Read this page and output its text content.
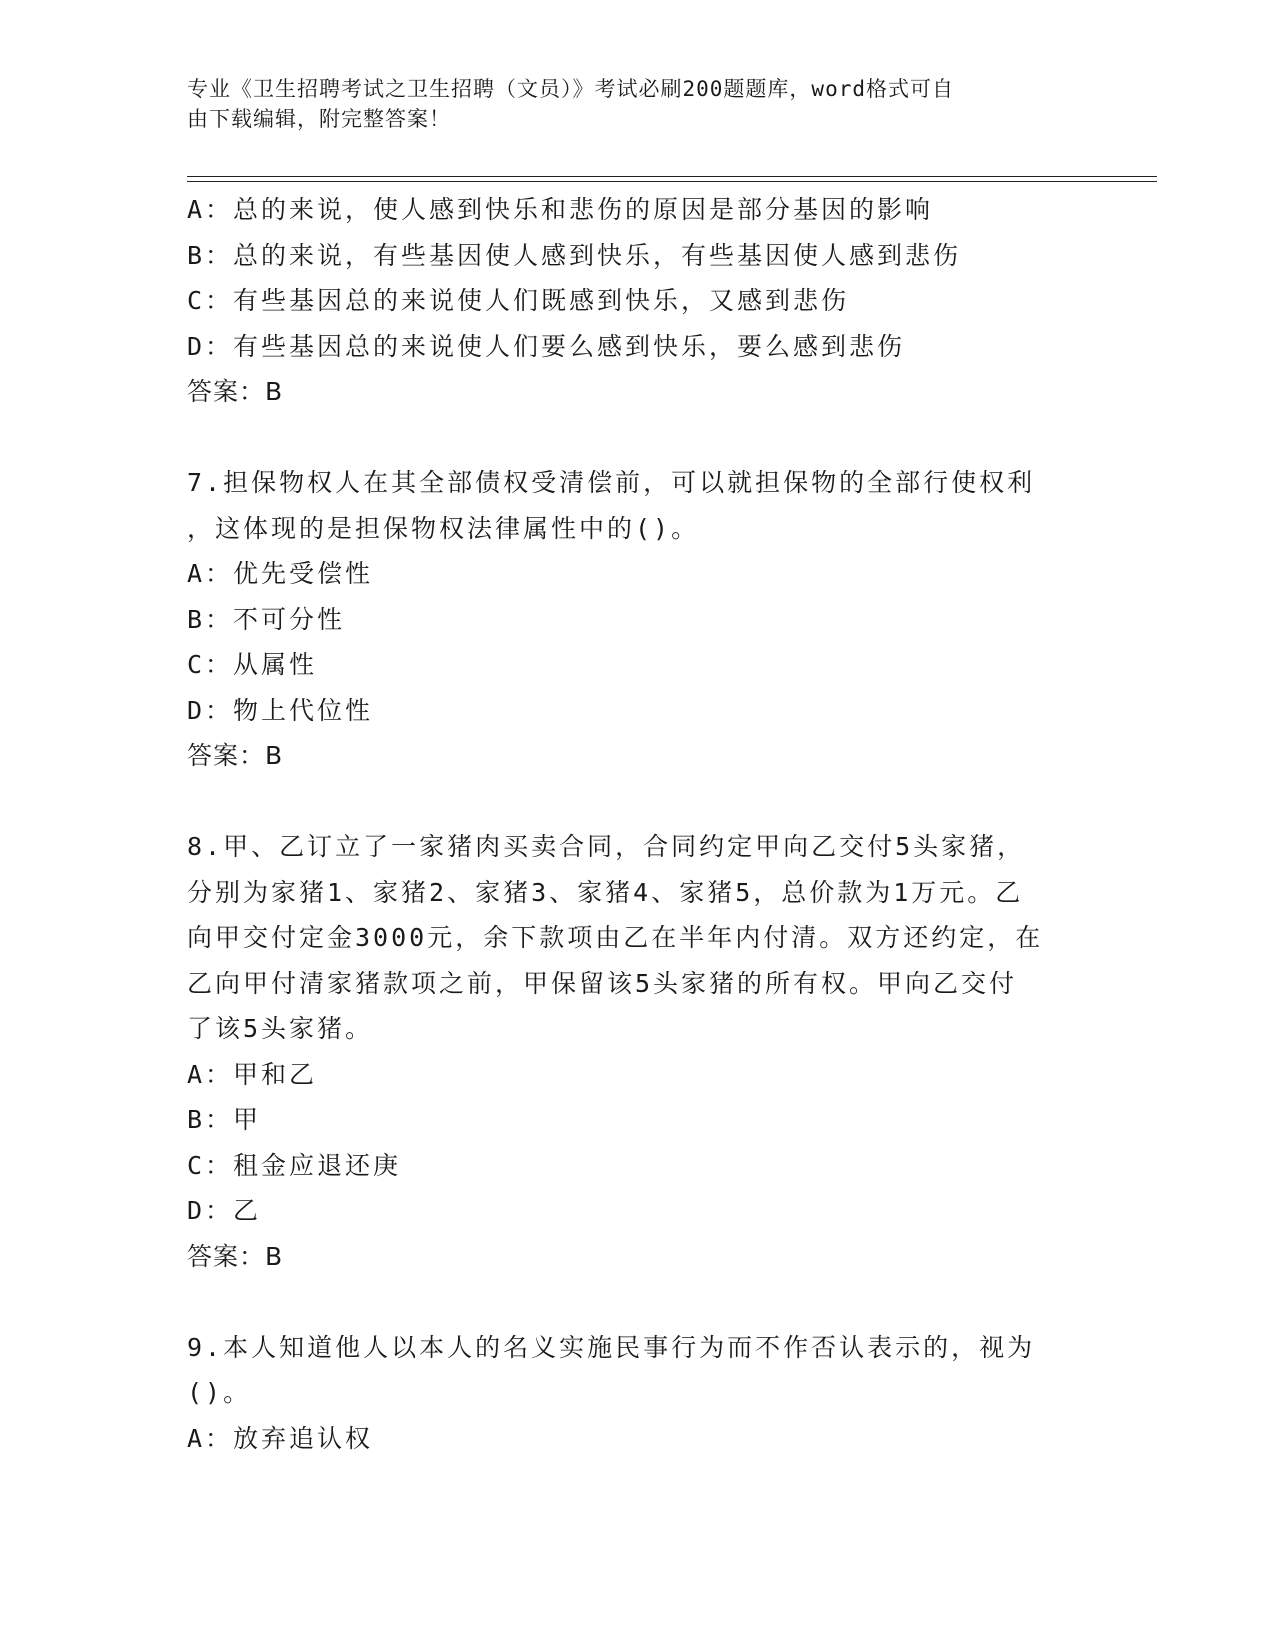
专业《卫生招聘考试之卫生招聘（文员）》考试必刷200题题库，word格式可自
由下载编辑，附完整答案！
A：总的来说，使人感到快乐和悲伤的原因是部分基因的影响
B：总的来说，有些基因使人感到快乐，有些基因使人感到悲伤
C：有些基因总的来说使人们既感到快乐，又感到悲伤
D：有些基因总的来说使人们要么感到快乐，要么感到悲伤
答案：B
7.担保物权人在其全部债权受清偿前，可以就担保物的全部行使权利
，这体现的是担保物权法律属性中的()。
A：优先受偿性
B：不可分性
C：从属性
D：物上代位性
答案：B
8.甲、乙订立了一家猪肉买卖合同，合同约定甲向乙交付5头家猪，
分别为家猪1、家猪2、家猪3、家猪4、家猪5，总价款为1万元。乙
向甲交付定金3000元，余下款项由乙在半年内付清。双方还约定，在
乙向甲付清家猪款项之前，甲保留该5头家猪的所有权。甲向乙交付
了该5头家猪。
A：甲和乙
B：甲
C：租金应退还庚
D：乙
答案：B
9.本人知道他人以本人的名义实施民事行为而不作否认表示的，视为
()。
A：放弃追认权
